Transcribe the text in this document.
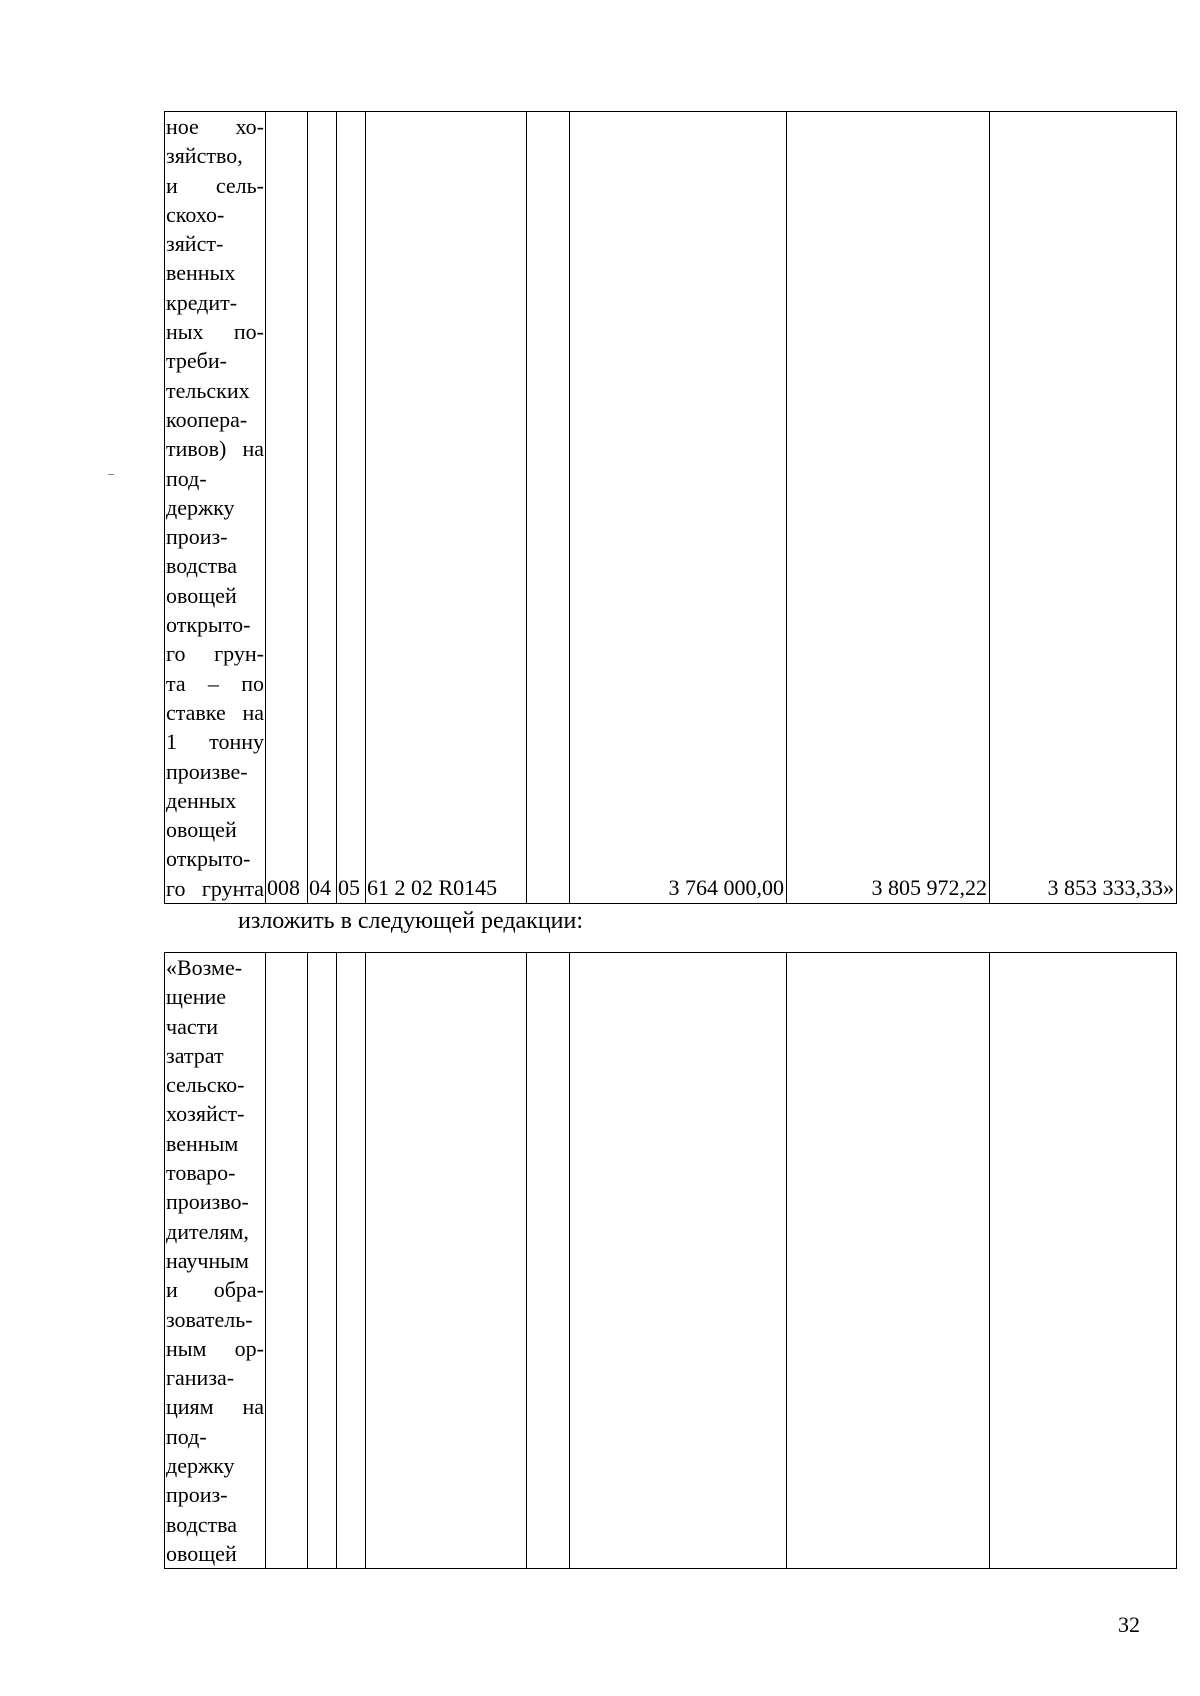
ное хо-
зяйство,
и сель-
скохо-
зяйст-
венных
кредит-
ных по-
треби-
тельских
коопера-
тивов) на
под-
держку
произ-
водства
овощей
открыто-
го грун-
та – по
ставке на
1 тонну
произве-
денных
овощей
открыто-
го грунта	008	04	05	61 2 02 R0145		3 764 000,00	3 805 972,22	3 853 333,33»
изложить в следующей редакции:
«Возме-
щение
части
затрат
сельско-
хозяйст-
венным
товаро-
произво-
дителям,
научным
и обра-
зователь-
ным ор-
ганиза-
циям на
под-
держку
произ-
водства
овощей

32
